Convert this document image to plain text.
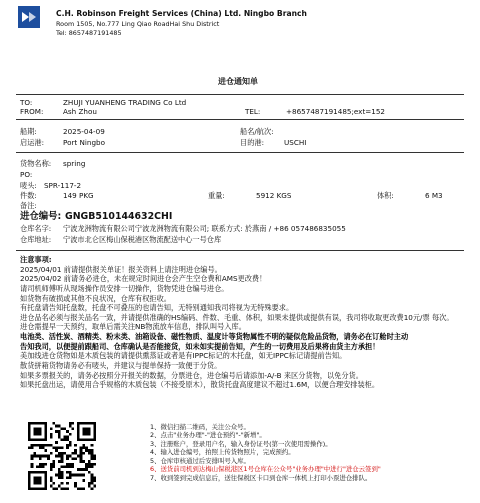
C.H. Robinson Freight Services (China) Ltd. Ningbo Branch
Room 1505, No.777 Ling Qiao RoadHai Shu District
Tel: 8657487191485
进仓通知单
TO:	ZHUJI YUANHENG TRADING Co Ltd
FROM:	Ash Zhou	TEL:	+8657487191485;ext=152
船期:	2025-04-09	船名/航次:
启运港:	Port Ningbo	目的港:	USCHI
货物名称: spring
PO:
唛头: SPR-117-2
件数:	149 PKG	重量:	5912 KGS	体积:	6 M3
备注:
进仓编号: GNGB510144632CHI
仓库名字: 宁波龙洲物流有限公司宁波龙洲物流有限公司; 联系方式: 於燕南 / +86 057486835055
仓库地址: 宁波市北仑区梅山保税港区物流配送中心一号仓库

注意事项:

2025/04/01 前请提供报关单证！报关资料上请注明进仓编号。

2025/04/02 前请务必进仓，未在规定时间进仓会产生空仓费和AMS更改费！

请司机师傅听从现场操作员安排一切操作，货物凭进仓编号进仓。

如货物有破损或其他不良状况，仓库有权拒收。

有托盘请告知托盘数，托盘不可叠压的也请告知，无特别通知我司将视为无特殊要求。

进仓品名必须与报关品名一致，并请提供准确的HS编码、件数、毛重、体积，如果未提供或提供有误，我司将收取更改费10元/票 每次。

进仓需提早一天预约，取单后需关注NB物流放车信息，排队叫号入库。

电池类、活性炭、酒精类、粉末类、油箱设备、磁性物质、温度计等货物属性不明的疑似危险品货物，请务必在订舱时主动

告知我司，以便提前跟船司、仓库确认是否能接货，如未如实提前告知，产生的一切费用及后果将由货主方承担！

美加线进仓货物如是木质包装的请提供熏蒸证或者是有IPPC标记的木托盘，如无IPPC标记请提前告知。

散货拼箱货物请务必有唛头，并建议与提单保持一致便于分货。

如果多票报关的，请务必按照分开报关的数据，分票进仓，进仓编号后请添加-A/-B 来区分货物，以免分货。

如果托盘出运，请使用合乎规格的木质包装（不接受原木），散货托盘高度建议不超过1.6M，以便合理安排装柜。

1、微信扫描二维码，关注公众号。
2、点击"业务办理"-"进仓预约"-"新增"。
3、注册账户，登录用户名，输入身份证号(第一次使用需操作)。
4、输入进仓编号，拍照上传货物照片，完成预约。
5、仓库审核通过后安排叫号入库。
6、送货前司机到达梅山保税港区1号仓库在公众号"业务办理"中进行"进仓云签到"
7、收到签到完成信息后，送往保税区卡口到仓库一体机上打印小票进仓排队。
